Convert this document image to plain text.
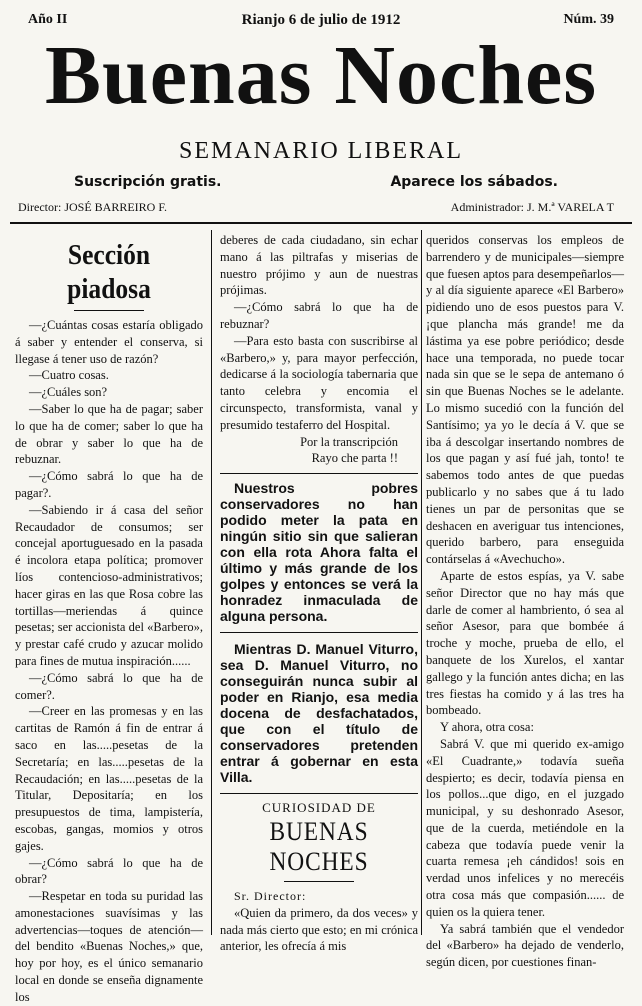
Año II	Rianjo 6 de julio de 1912	Núm. 39
Buenas Noches
SEMANARIO LIBERAL
Suscripción gratis.	Aparece los sábados.
Director: JOSÉ BARREIRO F.	Administrador: J. M.ª VARELA T
Sección piadosa

—¿Cuántas cosas estaría obligado á saber y entender el conserva, si llegase á tener uso de razón?

—Cuatro cosas.

—¿Cuáles son?

—Saber lo que ha de pagar; saber lo que ha de comer; saber lo que ha de obrar y saber lo que ha de rebuznar.

—¿Cómo sabrá lo que ha de pagar?.

—Sabiendo ir á casa del señor Recaudador de consumos; ser concejal aportuguesado en la pasada é incolora etapa política; promover líos contencioso-administrativos; hacer giras en las que Rosa cobre las tortillas—meriendas á quince pesetas; ser accionista del «Barbero», y prestar café crudo y azucar molido para fines de mutua inspiración......

—¿Cómo sabrá lo que ha de comer?.

—Creer en las promesas y en las cartitas de Ramón á fin de entrar á saco en las.....pesetas de la Secretaría; en las.....pesetas de la Recaudación; en las.....pesetas de la Titular, Depositaría; en los presupuestos de tima, lampistería, escobas, gangas, momios y otros gajes.

—¿Cómo sabrá lo que ha de obrar?

—Respetar en toda su puridad las amonestaciones suavísimas y las advertencias—toques de atención—del bendito «Buenas Noches,» que, hoy por hoy, es el único semanario local en donde se enseña dignamente los

deberes de cada ciudadano, sin echar mano á las piltrafas y miserias de nuestro prójimo y aun de nuestras prójimas.

—¿Cómo sabrá lo que ha de rebuznar?

—Para esto basta con suscribirse al «Barbero,» y, para mayor perfección, dedicarse á la sociología tabernaria que tanto celebra y encomia el circunspecto, transformista, vanal y presumido testaferro del Hospital.

Por la transcripción

Rayo che parta !!

Nuestros pobres conservadores no han podido meter la pata en ningún sitio sin que salieran con ella rota Ahora falta el último y más grande de los golpes y entonces se verá la honradez inmaculada de alguna persona.

Mientras D. Manuel Viturro, sea D. Manuel Viturro, no conseguirán nunca subir al poder en Rianjo, esa media docena de desfachatados, que con el título de conservadores pretenden entrar á gobernar en esta Villa.

CURIOSIDAD DE
BUENAS NOCHES
Sr. Director:

«Quien da primero, da dos veces» y nada más cierto que esto; en mi crónica anterior, les ofrecía á mis

queridos conservas los empleos de barrendero y de municipales—siempre que fuesen aptos para desempeñarlos—y al día siguiente aparece «El Barbero» pidiendo uno de esos puestos para V. ¡que plancha más grande! me da lástima ya ese pobre periódico; desde hace una temporada, no puede tocar nada sin que se le sepa de antemano ó sin que Buenas Noches se le adelante. Lo mismo sucedió con la función del Santísimo; ya yo le decía á V. que se iba á descolgar insertando nombres de los que pagan y así fué jah, tonto! te sabemos todo antes de que puedas publicarlo y no sabes que á tu lado tienes un par de personitas que se deshacen en averiguar tus intenciones, querido barbero, para enseguida contárselas á «Avechucho».

Aparte de estos espías, ya V. sabe señor Director que no hay más que darle de comer al hambriento, ó sea al señor Asesor, para que bombée á troche y moche, prueba de ello, el banquete de los Xurelos, el xantar gallego y la función antes dicha; en las tres fiestas ha comido y á las tres ha bombeado.

Y ahora, otra cosa:

Sabrá V. que mi querido ex-amigo «El Cuadrante,» todavía sueña despierto; es decir, todavía piensa en los pollos...que digo, en el juzgado municipal, y su deshonrado Asesor, que de la cuerda, metiéndole en la cabeza que todavía puede venir la cuarta remesa ¡eh cándidos! sois en verdad unos infelices y no merecéis otra cosa más que compasión...... de quien os la quiera tener.

Ya sabrá también que el vendedor del «Barbero» ha dejado de venderlo, según dicen, por cuestiones finan-
